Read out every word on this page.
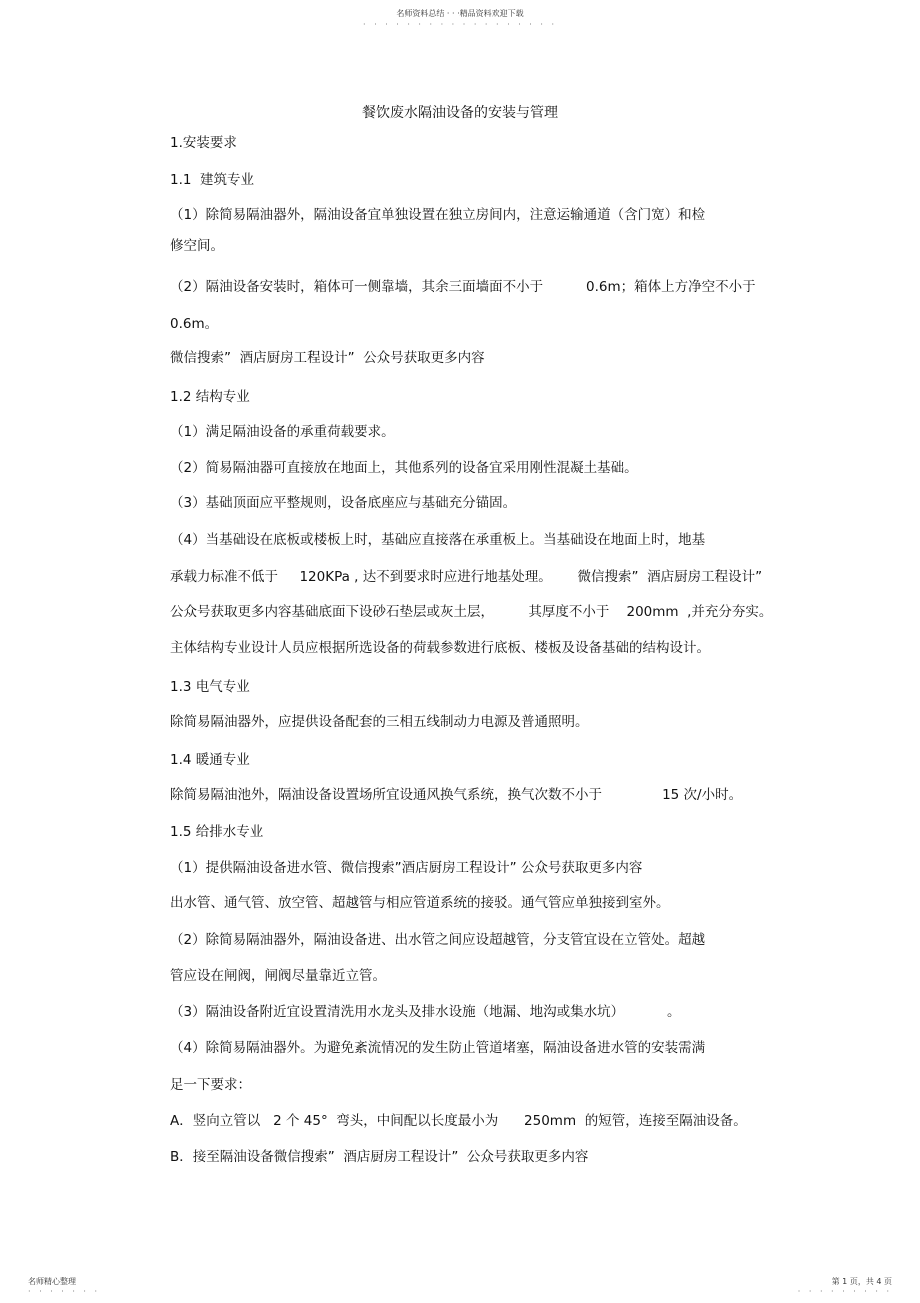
名师资料总结 · · ·精品资料欢迎下载
· · · · · · · · · · · · · · · · · ·
餐饮废水隔油设备的安装与管理
1.安装要求
1.1  建筑专业
（1）除简易隔油器外，隔油设备宜单独设置在独立房间内，注意运输通道（含门宽）和检
修空间。
（2）隔油设备安装时，箱体可一侧靠墙，其余三面墙面不小于          0.6m；箱体上方净空不小于
0.6m。
微信搜索”  酒店厨房工程设计”  公众号获取更多内容
1.2 结构专业
（1）满足隔油设备的承重荷载要求。
（2）简易隔油器可直接放在地面上，其他系列的设备宜采用刚性混凝土基础。
（3）基础顶面应平整规则，设备底座应与基础充分锚固。
（4）当基础设在底板或楼板上时，基础应直接落在承重板上。当基础设在地面上时，地基
承载力标准不低于     120KPa , 达不到要求时应进行地基处理。      微信搜索”  酒店厨房工程设计”
公众号获取更多内容基础底面下设砂石垫层或灰土层，        其厚度不小于    200mm  ,并充分夯实。
主体结构专业设计人员应根据所选设备的荷载参数进行底板、楼板及设备基础的结构设计。
1.3 电气专业
除简易隔油器外，应提供设备配套的三相五线制动力电源及普通照明。
1.4 暖通专业
除简易隔油池外，隔油设备设置场所宜设通风换气系统，换气次数不小于              15 次/小时。
1.5 给排水专业
（1）提供隔油设备进水管、微信搜索”酒店厨房工程设计” 公众号获取更多内容
出水管、通气管、放空管、超越管与相应管道系统的接驳。通气管应单独接到室外。
（2）除简易隔油器外，隔油设备进、出水管之间应设超越管，分支管宜设在立管处。超越
管应设在闸阀，闸阀尽量靠近立管。
（3）隔油设备附近宜设置清洗用水龙头及排水设施（地漏、地沟或集水坑）          。
（4）除简易隔油器外。为避免紊流情况的发生防止管道堵塞，隔油设备进水管的安装需满
足一下要求：
A．竖向立管以   2 个 45°  弯头，中间配以长度最小为      250mm  的短管，连接至隔油设备。
B．接至隔油设备微信搜索”  酒店厨房工程设计”  公众号获取更多内容
名师精心整理
· · · · · · ·
第 1 页，共 4 页
· · · · · · · · ·
